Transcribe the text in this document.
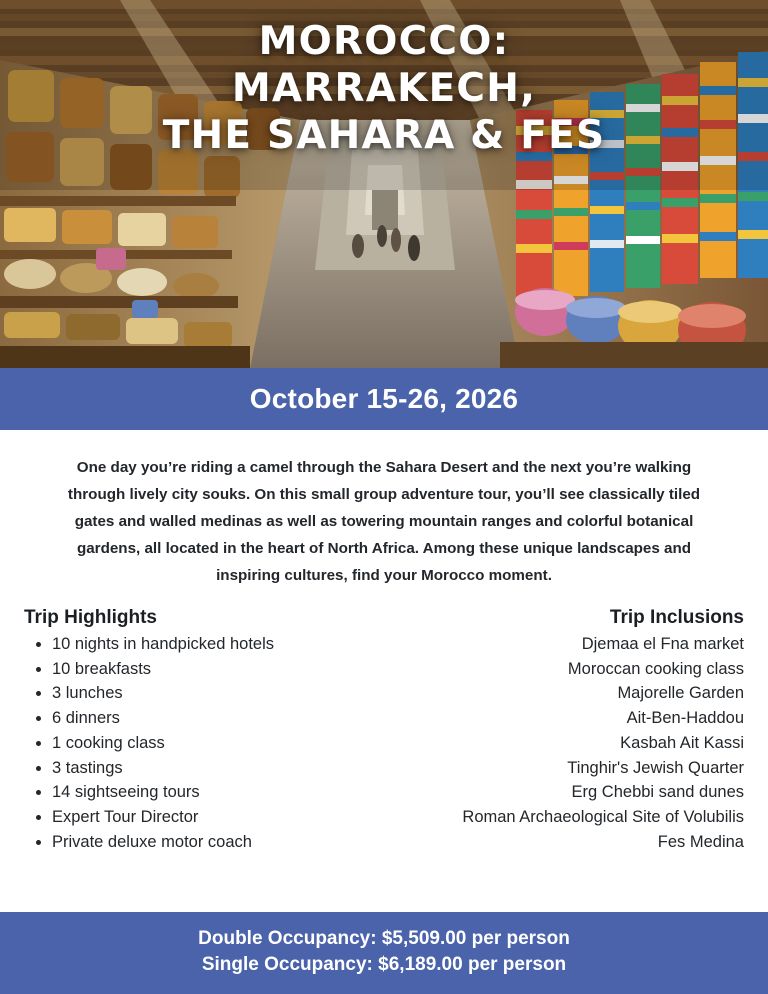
MOROCCO:
MARRAKECH,
THE SAHARA & FES
October 15-26, 2026
One day you’re riding a camel through the Sahara Desert and the next you’re walking through lively city souks. On this small group adventure tour, you’ll see classically tiled gates and walled medinas as well as towering mountain ranges and colorful botanical gardens, all located in the heart of North Africa. Among these unique landscapes and inspiring cultures, find your Morocco moment.
Trip Highlights
• 10 nights in handpicked hotels
• 10 breakfasts
• 3 lunches
• 6 dinners
• 1 cooking class
• 3 tastings
• 14 sightseeing tours
• Expert Tour Director
• Private deluxe motor coach
Trip Inclusions
Djemaa el Fna market
Moroccan cooking class
Majorelle Garden
Ait-Ben-Haddou
Kasbah Ait Kassi
Tinghir's Jewish Quarter
Erg Chebbi sand dunes
Roman Archaeological Site of Volubilis
Fes Medina
Double Occupancy: $5,509.00 per person
Single Occupancy: $6,189.00 per person
